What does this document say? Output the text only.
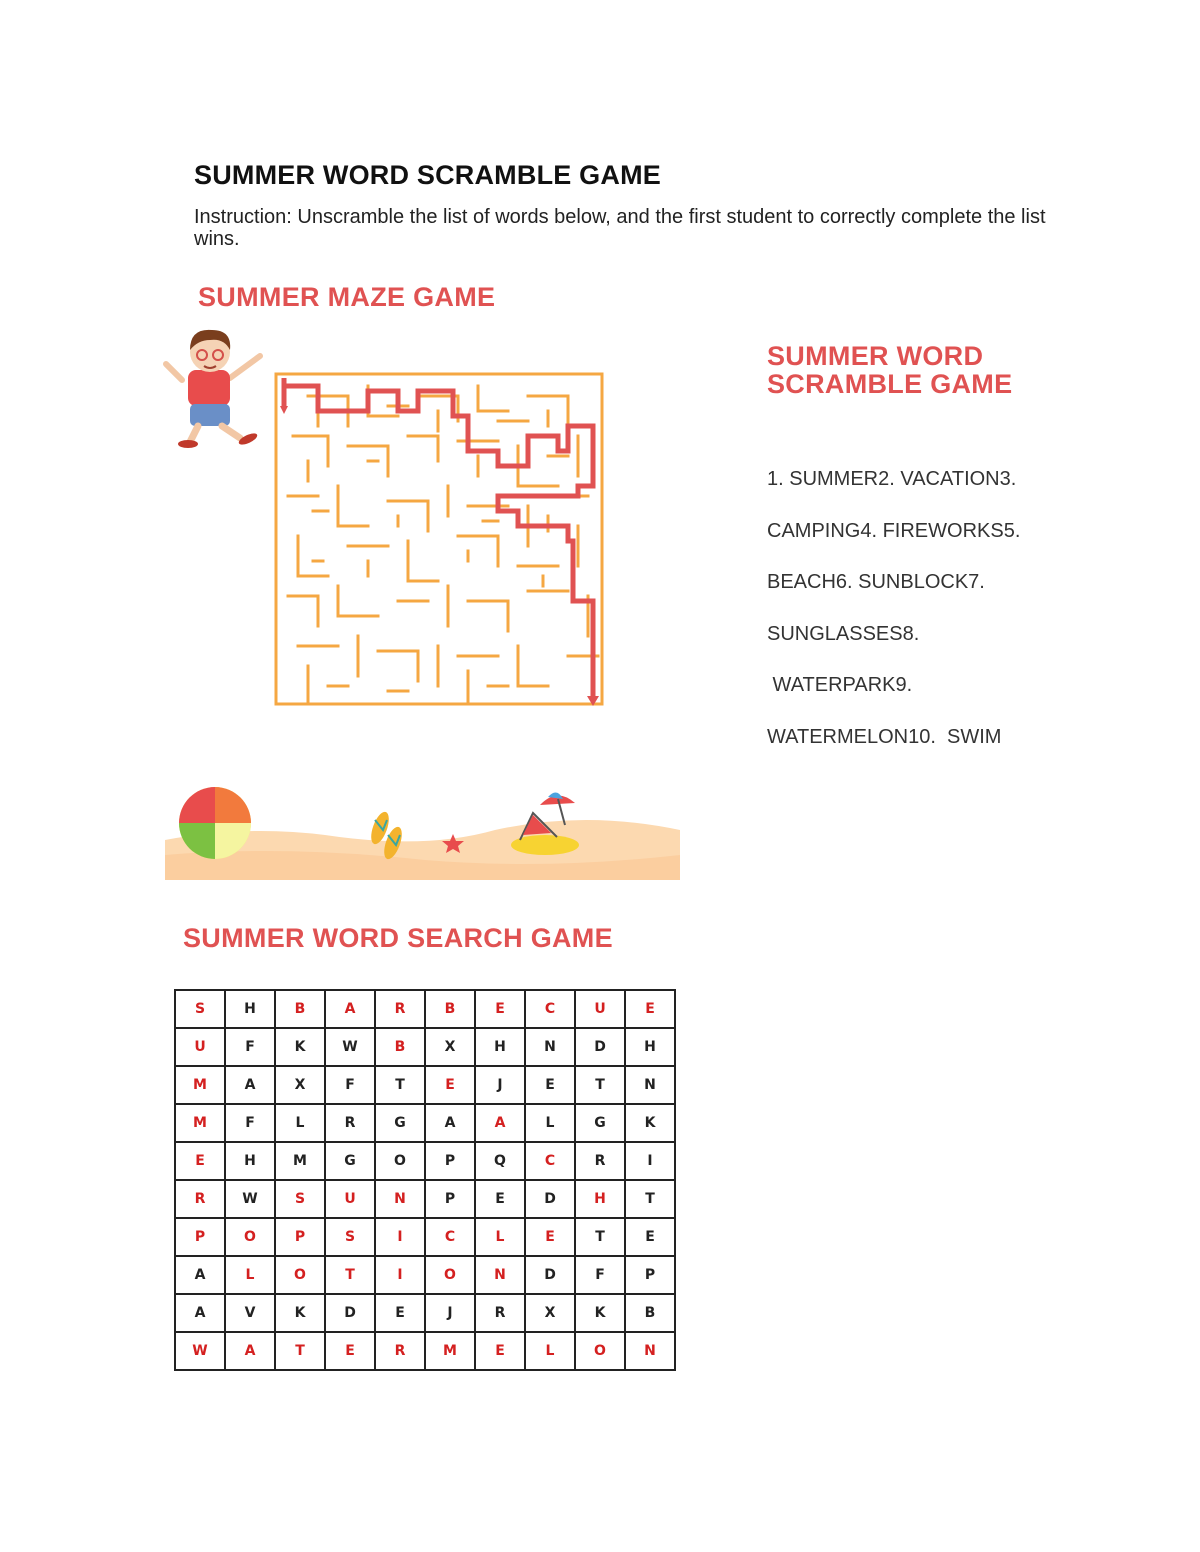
SUMMER WORD SCRAMBLE GAME
Instruction: Unscramble the list of words below, and the first student to correctly complete the list wins.
SUMMER MAZE GAME
SUMMER WORD SCRAMBLE GAME
1. SUMMER2. VACATION3.
CAMPING4. FIREWORKS5.
BEACH6. SUNBLOCK7.
SUNGLASSES8.
WATERPARK9.
WATERMELON10.  SWIM
SUMMER WORD SEARCH GAME
S	H	B	A	R	B	E	C	U	E
U	F	K	W	B	X	H	N	D	H
M	A	X	F	T	E	J	E	T	N
M	F	L	R	G	A	A	L	G	K
E	H	M	G	O	P	Q	C	R	I
R	W	S	U	N	P	E	D	H	T
P	O	P	S	I	C	L	E	T	E
A	L	O	T	I	O	N	D	F	P
A	V	K	D	E	J	R	X	K	B
W	A	T	E	R	M	E	L	O	N
